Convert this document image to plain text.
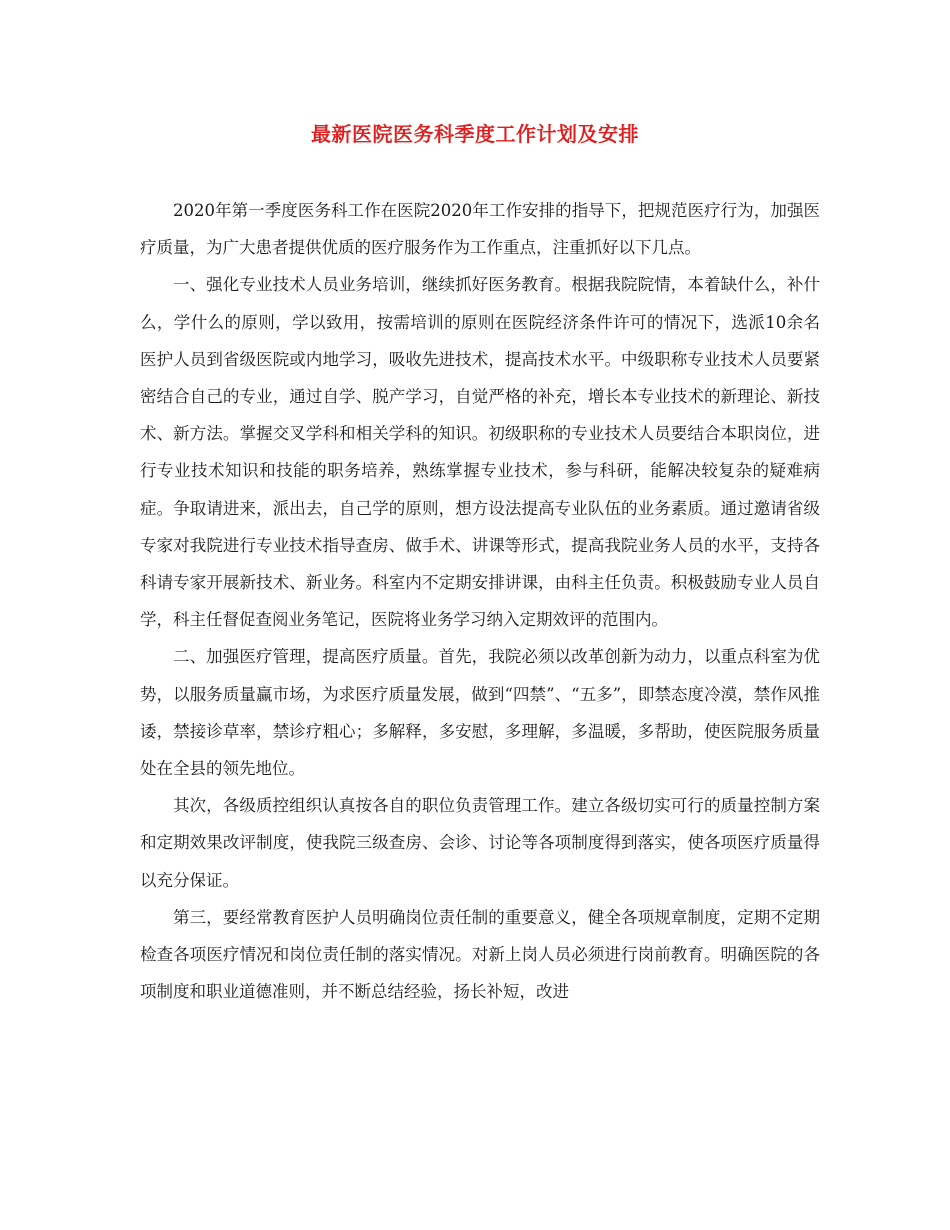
最新医院医务科季度工作计划及安排

2020年第一季度医务科工作在医院2020年工作安排的指导下，把规范医疗行为，加强医疗质量，为广大患者提供优质的医疗服务作为工作重点，注重抓好以下几点。

一、强化专业技术人员业务培训，继续抓好医务教育。根据我院院情，本着缺什么，补什么，学什么的原则，学以致用，按需培训的原则在医院经济条件许可的情况下，选派10余名医护人员到省级医院或内地学习，吸收先进技术，提高技术水平。中级职称专业技术人员要紧密结合自己的专业，通过自学、脱产学习，自觉严格的补充，增长本专业技术的新理论、新技术、新方法。掌握交叉学科和相关学科的知识。初级职称的专业技术人员要结合本职岗位，进行专业技术知识和技能的职务培养，熟练掌握专业技术，参与科研，能解决较复杂的疑难病症。争取请进来，派出去，自己学的原则，想方设法提高专业队伍的业务素质。通过邀请省级专家对我院进行专业技术指导查房、做手术、讲课等形式，提高我院业务人员的水平，支持各科请专家开展新技术、新业务。科室内不定期安排讲课，由科主任负责。积极鼓励专业人员自学，科主任督促查阅业务笔记，医院将业务学习纳入定期效评的范围内。

二、加强医疗管理，提高医疗质量。首先，我院必须以改革创新为动力，以重点科室为优势，以服务质量赢市场，为求医疗质量发展，做到“四禁”、“五多”，即禁态度冷漠，禁作风推诿，禁接诊草率，禁诊疗粗心；多解释，多安慰，多理解，多温暖，多帮助，使医院服务质量处在全县的领先地位。

其次，各级质控组织认真按各自的职位负责管理工作。建立各级切实可行的质量控制方案和定期效果改评制度，使我院三级查房、会诊、讨论等各项制度得到落实，使各项医疗质量得以充分保证。

第三，要经常教育医护人员明确岗位责任制的重要意义，健全各项规章制度，定期不定期检查各项医疗情况和岗位责任制的落实情况。对新上岗人员必须进行岗前教育。明确医院的各项制度和职业道德准则，并不断总结经验，扬长补短，改进
